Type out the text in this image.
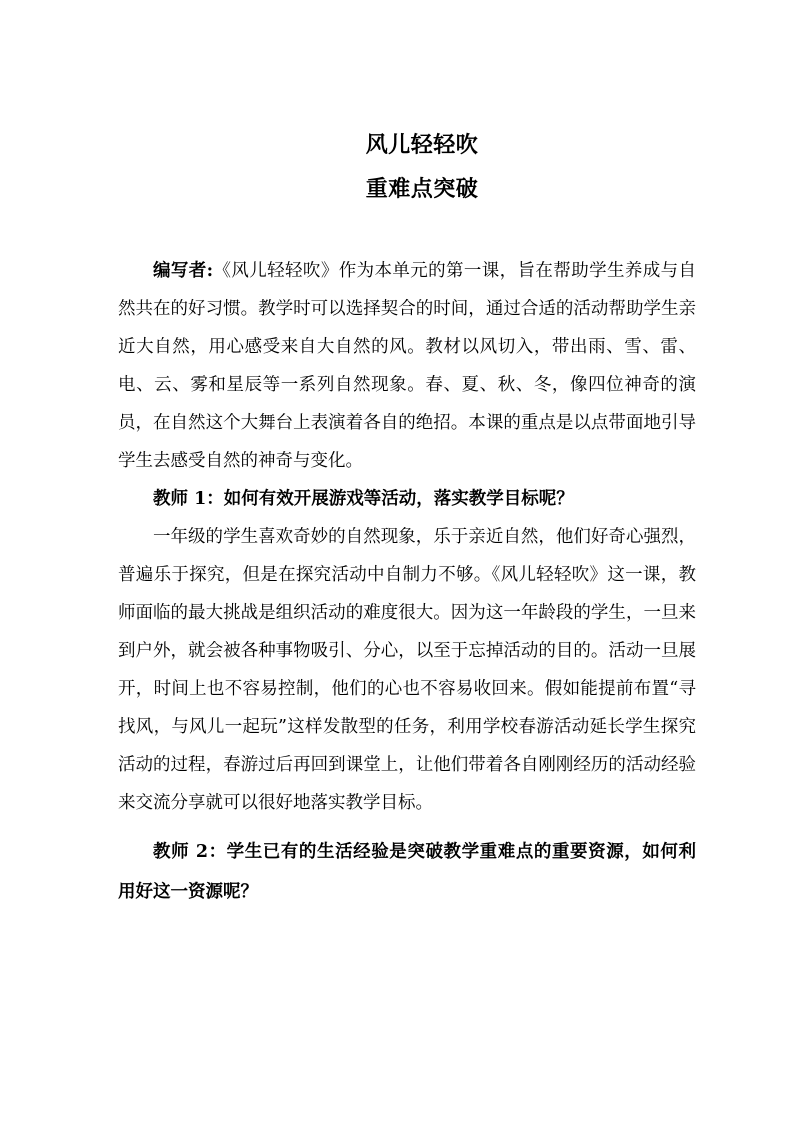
风儿轻轻吹
重难点突破

编写者:《风儿轻轻吹》作为本单元的第一课，旨在帮助学生养成与自然共在的好习惯。教学时可以选择契合的时间，通过合适的活动帮助学生亲近大自然，用心感受来自大自然的风。教材以风切入，带出雨、雪、雷、电、云、雾和星辰等一系列自然现象。春、夏、秋、冬，像四位神奇的演员，在自然这个大舞台上表演着各自的绝招。本课的重点是以点带面地引导学生去感受自然的神奇与变化。

教师 1：如何有效开展游戏等活动，落实教学目标呢？

一年级的学生喜欢奇妙的自然现象，乐于亲近自然，他们好奇心强烈，普遍乐于探究，但是在探究活动中自制力不够。《风儿轻轻吹》这一课，教师面临的最大挑战是组织活动的难度很大。因为这一年龄段的学生，一旦来到户外，就会被各种事物吸引、分心，以至于忘掉活动的目的。活动一旦展开，时间上也不容易控制，他们的心也不容易收回来。假如能提前布置“寻找风，与风儿一起玩”这样发散型的任务，利用学校春游活动延长学生探究活动的过程，春游过后再回到课堂上，让他们带着各自刚刚经历的活动经验来交流分享就可以很好地落实教学目标。

教师 2：学生已有的生活经验是突破教学重难点的重要资源，如何利用好这一资源呢？
